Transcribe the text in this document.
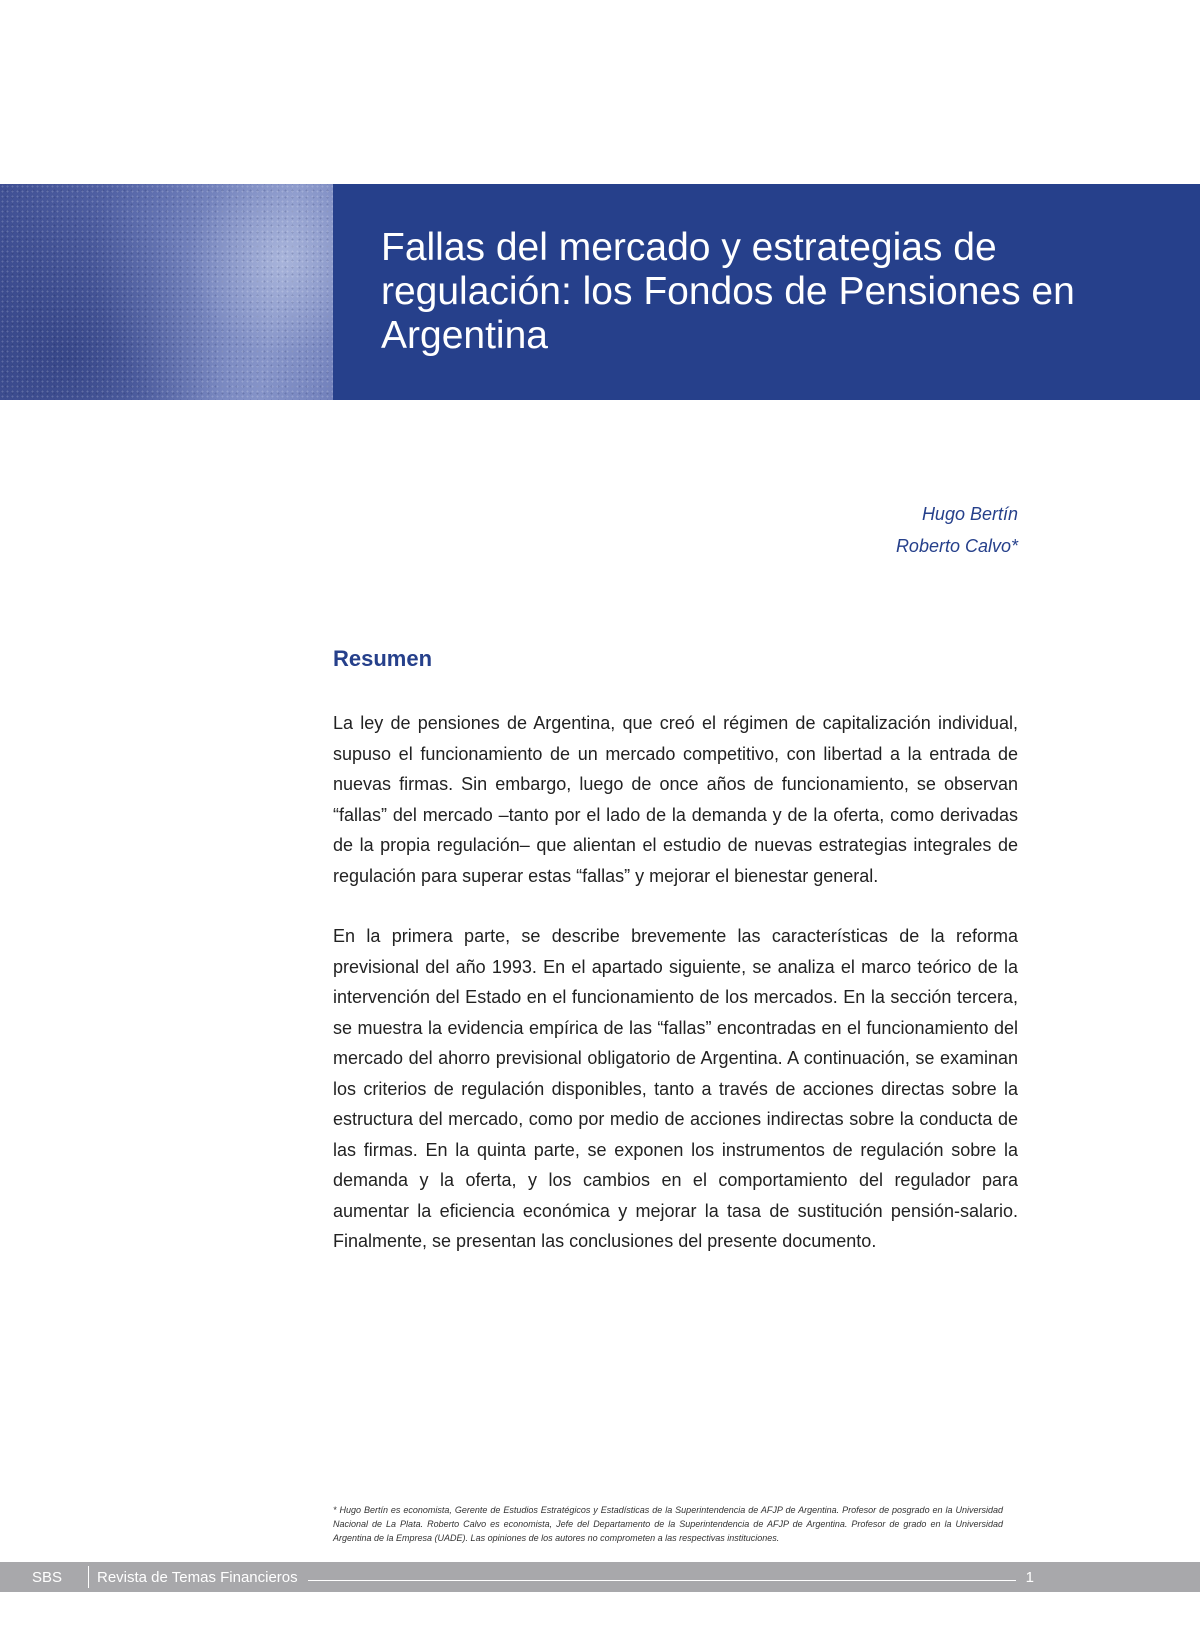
Fallas del mercado y estrategias de regulación: los Fondos de Pensiones en Argentina
Hugo Bertín
Roberto Calvo*
Resumen

La ley de pensiones de Argentina, que creó el régimen de capitalización individual, supuso el funcionamiento de un mercado competitivo, con libertad a la entrada de nuevas firmas. Sin embargo, luego de once años de funcionamiento, se observan “fallas” del mercado –tanto por el lado de la demanda y de la oferta, como derivadas de la propia regulación– que alientan el estudio de nuevas estrategias integrales de regulación para superar estas “fallas” y mejorar el bienestar general.

En la primera parte, se describe brevemente las características de la reforma previsional del año 1993. En el apartado siguiente, se analiza el marco teórico de la intervención del Estado en el funcionamiento de los mercados. En la sección tercera, se muestra la evidencia empírica de las “fallas” encontradas en el funcionamiento del mercado del ahorro previsional obligatorio de Argentina. A continuación, se examinan los criterios de regulación disponibles, tanto a través de acciones directas sobre la estructura del mercado, como por medio de acciones indirectas sobre la conducta de las firmas. En la quinta parte, se exponen los instrumentos de regulación sobre la demanda y la oferta, y los cambios en el comportamiento del regulador para aumentar la eficiencia económica y mejorar la tasa de sustitución pensión-salario. Finalmente, se presentan las conclusiones del presente documento.

* Hugo Bertín es economista, Gerente de Estudios Estratégicos y Estadísticas de la Superintendencia de AFJP de Argentina. Profesor de posgrado en la Universidad Nacional de La Plata. Roberto Calvo es economista, Jefe del Departamento de la Superintendencia de AFJP de Argentina. Profesor de grado en la Universidad Argentina de la Empresa (UADE). Las opiniones de los autores no comprometen a las respectivas instituciones.
SBS	Revista de Temas Financieros	1
